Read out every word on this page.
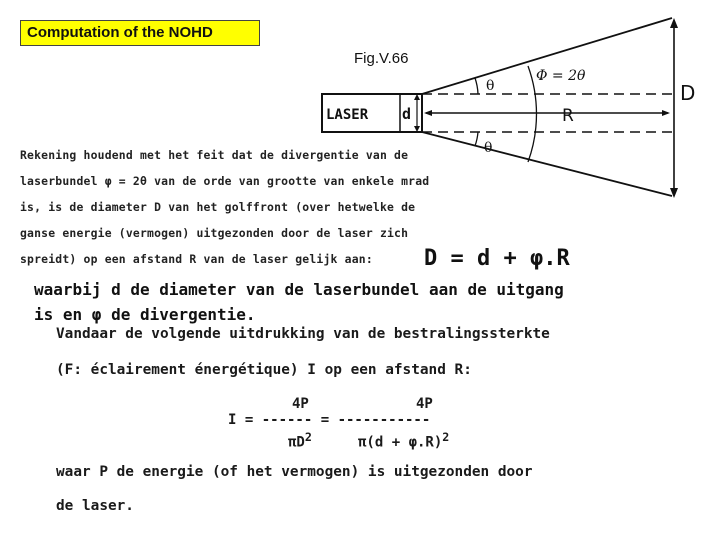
Computation of the NOHD
Fig.V.66
LASER d	R
θ
θ
Φ = 2θ
D
Rekening houdend met het feit dat de divergentie van de
laserbundel φ = 2θ van de orde van grootte van enkele mrad
is, is de diameter D van het golffront (over hetwelke de
ganse energie (vermogen) uitgezonden door de laser zich
spreidt) op een afstand R van de laser gelijk aan:	D = d + φ.R
waarbij d de diameter van de laserbundel aan de uitgang
is en φ de divergentie.
Vandaar de volgende uitdrukking van de bestralingssterkte
(F: éclairement énergétique) I op een afstand R:
4P	4P
I = ------ = -----------
$\pi D^2$	$\pi(d + \varphi.R)^2$
waar P de energie (of het vermogen) is uitgezonden door
de laser.
